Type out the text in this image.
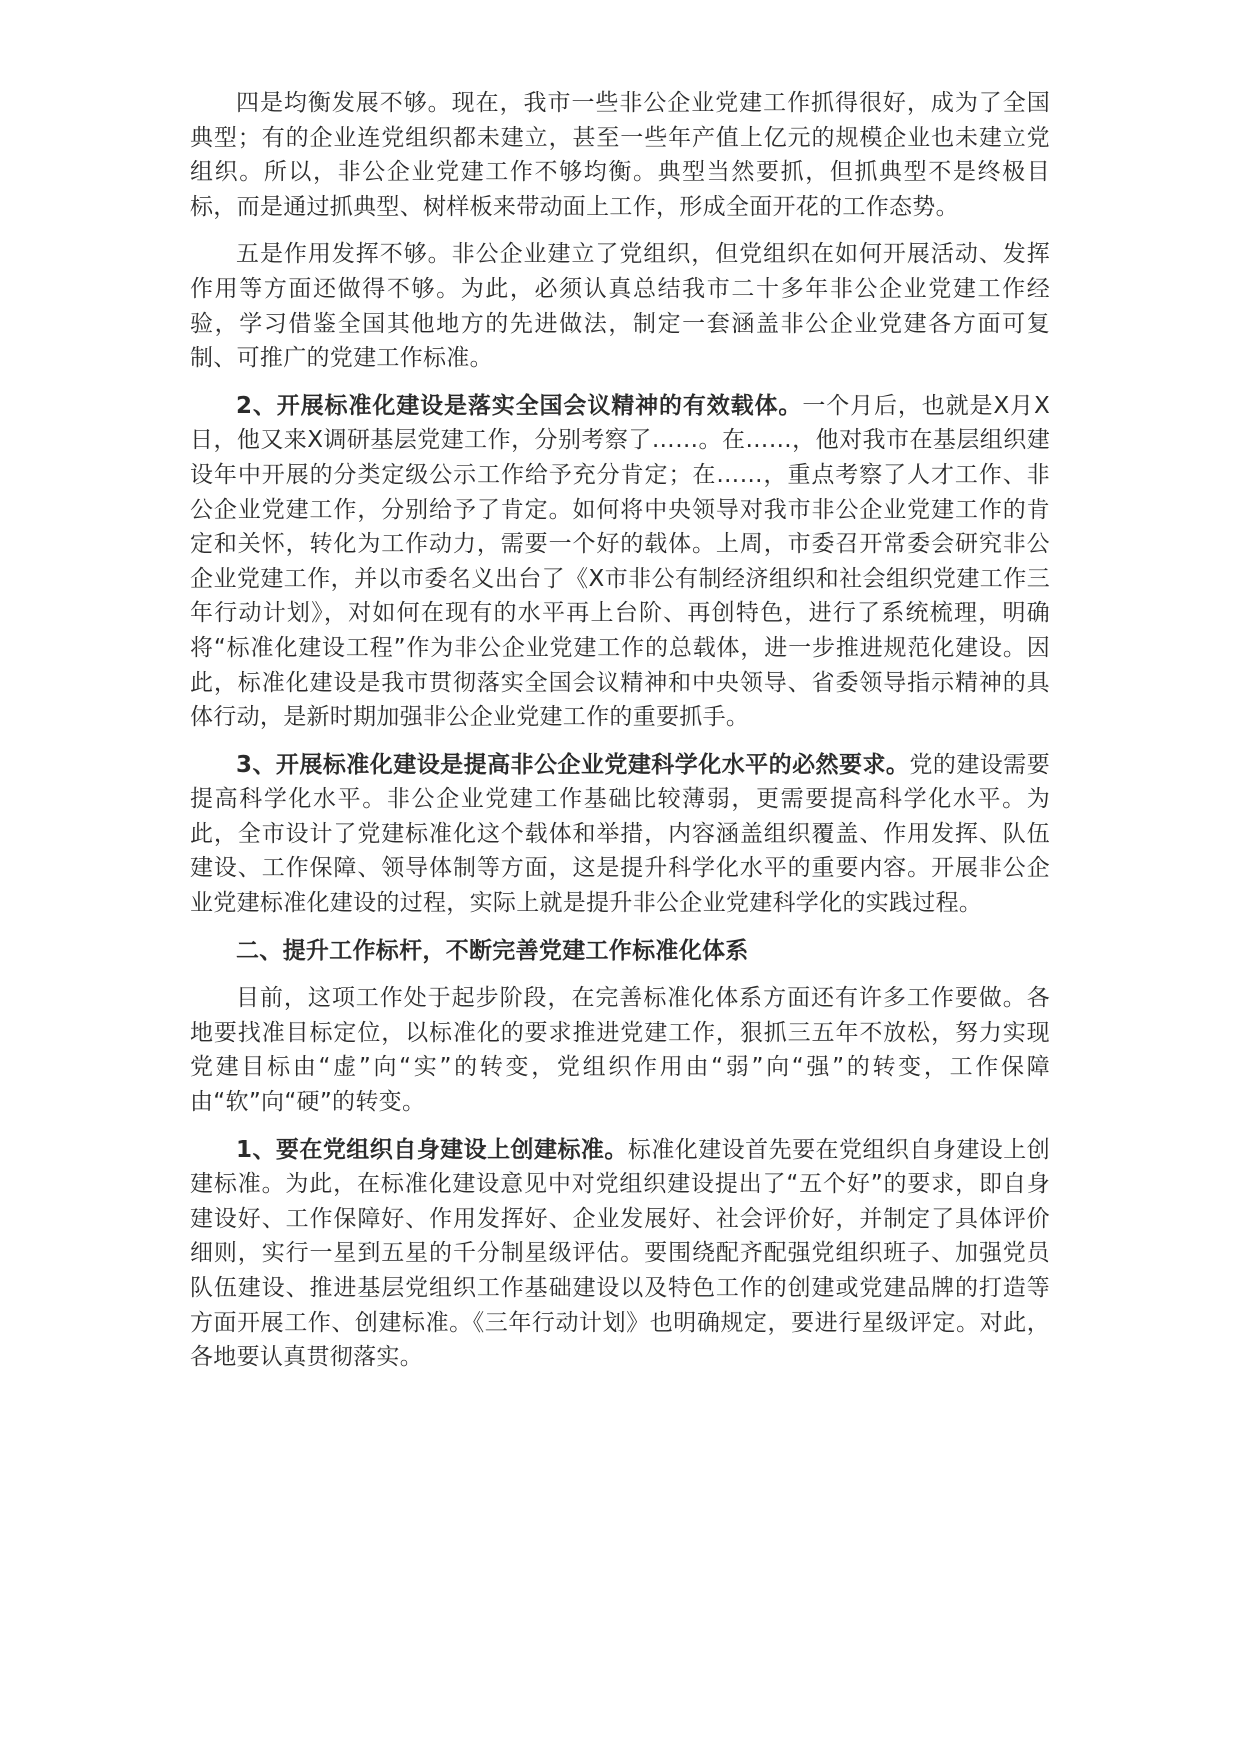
四是均衡发展不够。现在，我市一些非公企业党建工作抓得很好，成为了全国典型；有的企业连党组织都未建立，甚至一些年产值上亿元的规模企业也未建立党组织。所以，非公企业党建工作不够均衡。典型当然要抓，但抓典型不是终极目标，而是通过抓典型、树样板来带动面上工作，形成全面开花的工作态势。

五是作用发挥不够。非公企业建立了党组织，但党组织在如何开展活动、发挥作用等方面还做得不够。为此，必须认真总结我市二十多年非公企业党建工作经验，学习借鉴全国其他地方的先进做法，制定一套涵盖非公企业党建各方面可复制、可推广的党建工作标准。

2、开展标准化建设是落实全国会议精神的有效载体。一个月后，也就是X月X日，他又来X调研基层党建工作，分别考察了……。在……，他对我市在基层组织建设年中开展的分类定级公示工作给予充分肯定；在……，重点考察了人才工作、非公企业党建工作，分别给予了肯定。如何将中央领导对我市非公企业党建工作的肯定和关怀，转化为工作动力，需要一个好的载体。上周，市委召开常委会研究非公企业党建工作，并以市委名义出台了《X市非公有制经济组织和社会组织党建工作三年行动计划》，对如何在现有的水平再上台阶、再创特色，进行了系统梳理，明确将“标准化建设工程”作为非公企业党建工作的总载体，进一步推进规范化建设。因此，标准化建设是我市贯彻落实全国会议精神和中央领导、省委领导指示精神的具体行动，是新时期加强非公企业党建工作的重要抓手。

3、开展标准化建设是提高非公企业党建科学化水平的必然要求。党的建设需要提高科学化水平。非公企业党建工作基础比较薄弱，更需要提高科学化水平。为此，全市设计了党建标准化这个载体和举措，内容涵盖组织覆盖、作用发挥、队伍建设、工作保障、领导体制等方面，这是提升科学化水平的重要内容。开展非公企业党建标准化建设的过程，实际上就是提升非公企业党建科学化的实践过程。

二、提升工作标杆，不断完善党建工作标准化体系

目前，这项工作处于起步阶段，在完善标准化体系方面还有许多工作要做。各地要找准目标定位，以标准化的要求推进党建工作，狠抓三五年不放松，努力实现党建目标由“虚”向“实”的转变，党组织作用由“弱”向“强”的转变，工作保障由“软”向“硬”的转变。

1、要在党组织自身建设上创建标准。标准化建设首先要在党组织自身建设上创建标准。为此，在标准化建设意见中对党组织建设提出了“五个好”的要求，即自身建设好、工作保障好、作用发挥好、企业发展好、社会评价好，并制定了具体评价细则，实行一星到五星的千分制星级评估。要围绕配齐配强党组织班子、加强党员队伍建设、推进基层党组织工作基础建设以及特色工作的创建或党建品牌的打造等方面开展工作、创建标准。《三年行动计划》也明确规定，要进行星级评定。对此，各地要认真贯彻落实。
